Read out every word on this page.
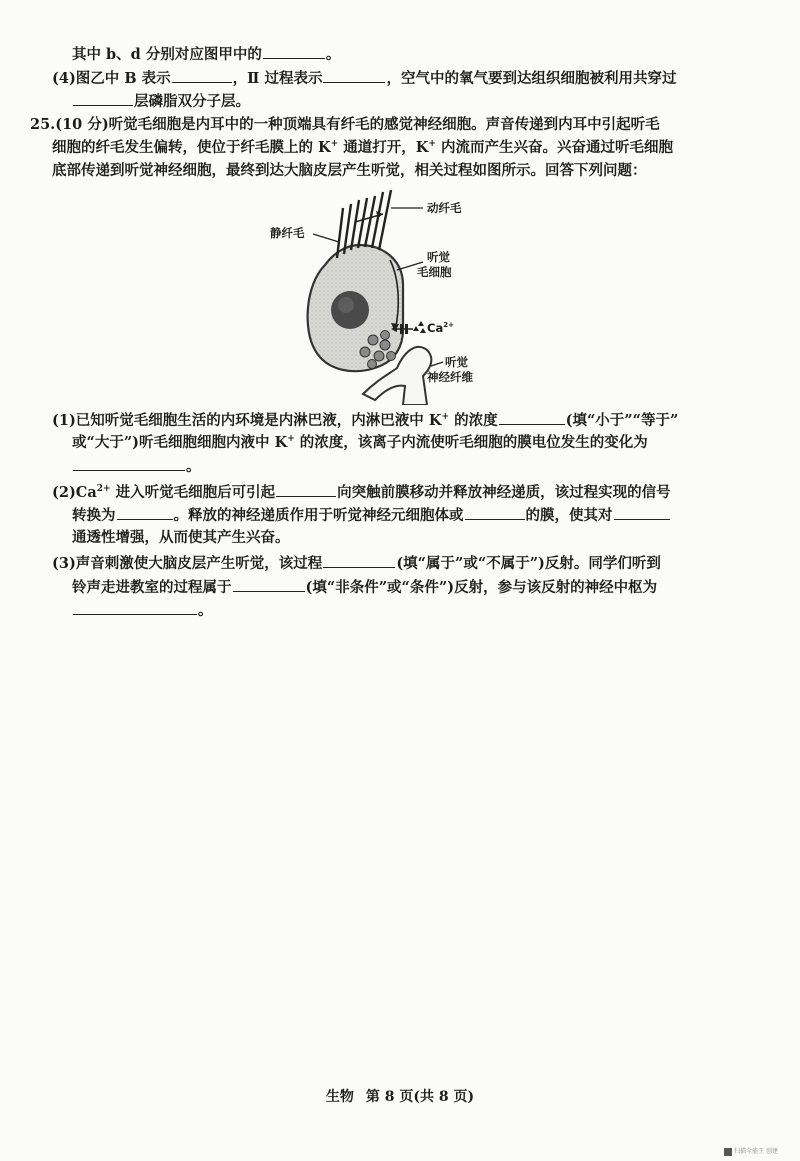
其中 b、d 分别对应图甲中的	。
(4)图乙中 B 表示	，Ⅱ 过程表示	，空气中的氧气要到达组织细胞被利用共穿过
层磷脂双分子层。
25.(10 分)听觉毛细胞是内耳中的一种顶端具有纤毛的感觉神经细胞。声音传递到内耳中引起听毛
细胞的纤毛发生偏转，使位于纤毛膜上的 K+ 通道打开，K+ 内流而产生兴奋。兴奋通过听毛细胞
底部传递到听觉神经细胞，最终到达大脑皮层产生听觉，相关过程如图所示。回答下列问题：
动纤毛
静纤毛
听觉
毛细胞
$Ca^{2+}$
听觉
神经纤维
(1)已知听觉毛细胞生活的内环境是内淋巴液，内淋巴液中 K+ 的浓度	(填“小于”“等于”
或“大于”)听毛细胞细胞内液中 K+ 的浓度，该离子内流使听毛细胞的膜电位发生的变化为
。
$(2)Ca^{2+}$ 进入听觉毛细胞后可引起	向突触前膜移动并释放神经递质，该过程实现的信号
转换为	。释放的神经递质作用于听觉神经元细胞体或	的膜，使其对
通透性增强，从而使其产生兴奋。
(3)声音刺激使大脑皮层产生听觉，该过程	(填“属于”或“不属于”)反射。同学们听到
铃声走进教室的过程属于	(填“非条件”或“条件”)反射，参与该反射的神经中枢为
。
生物 第 8 页(共 8 页)
扫描全能王 创建
